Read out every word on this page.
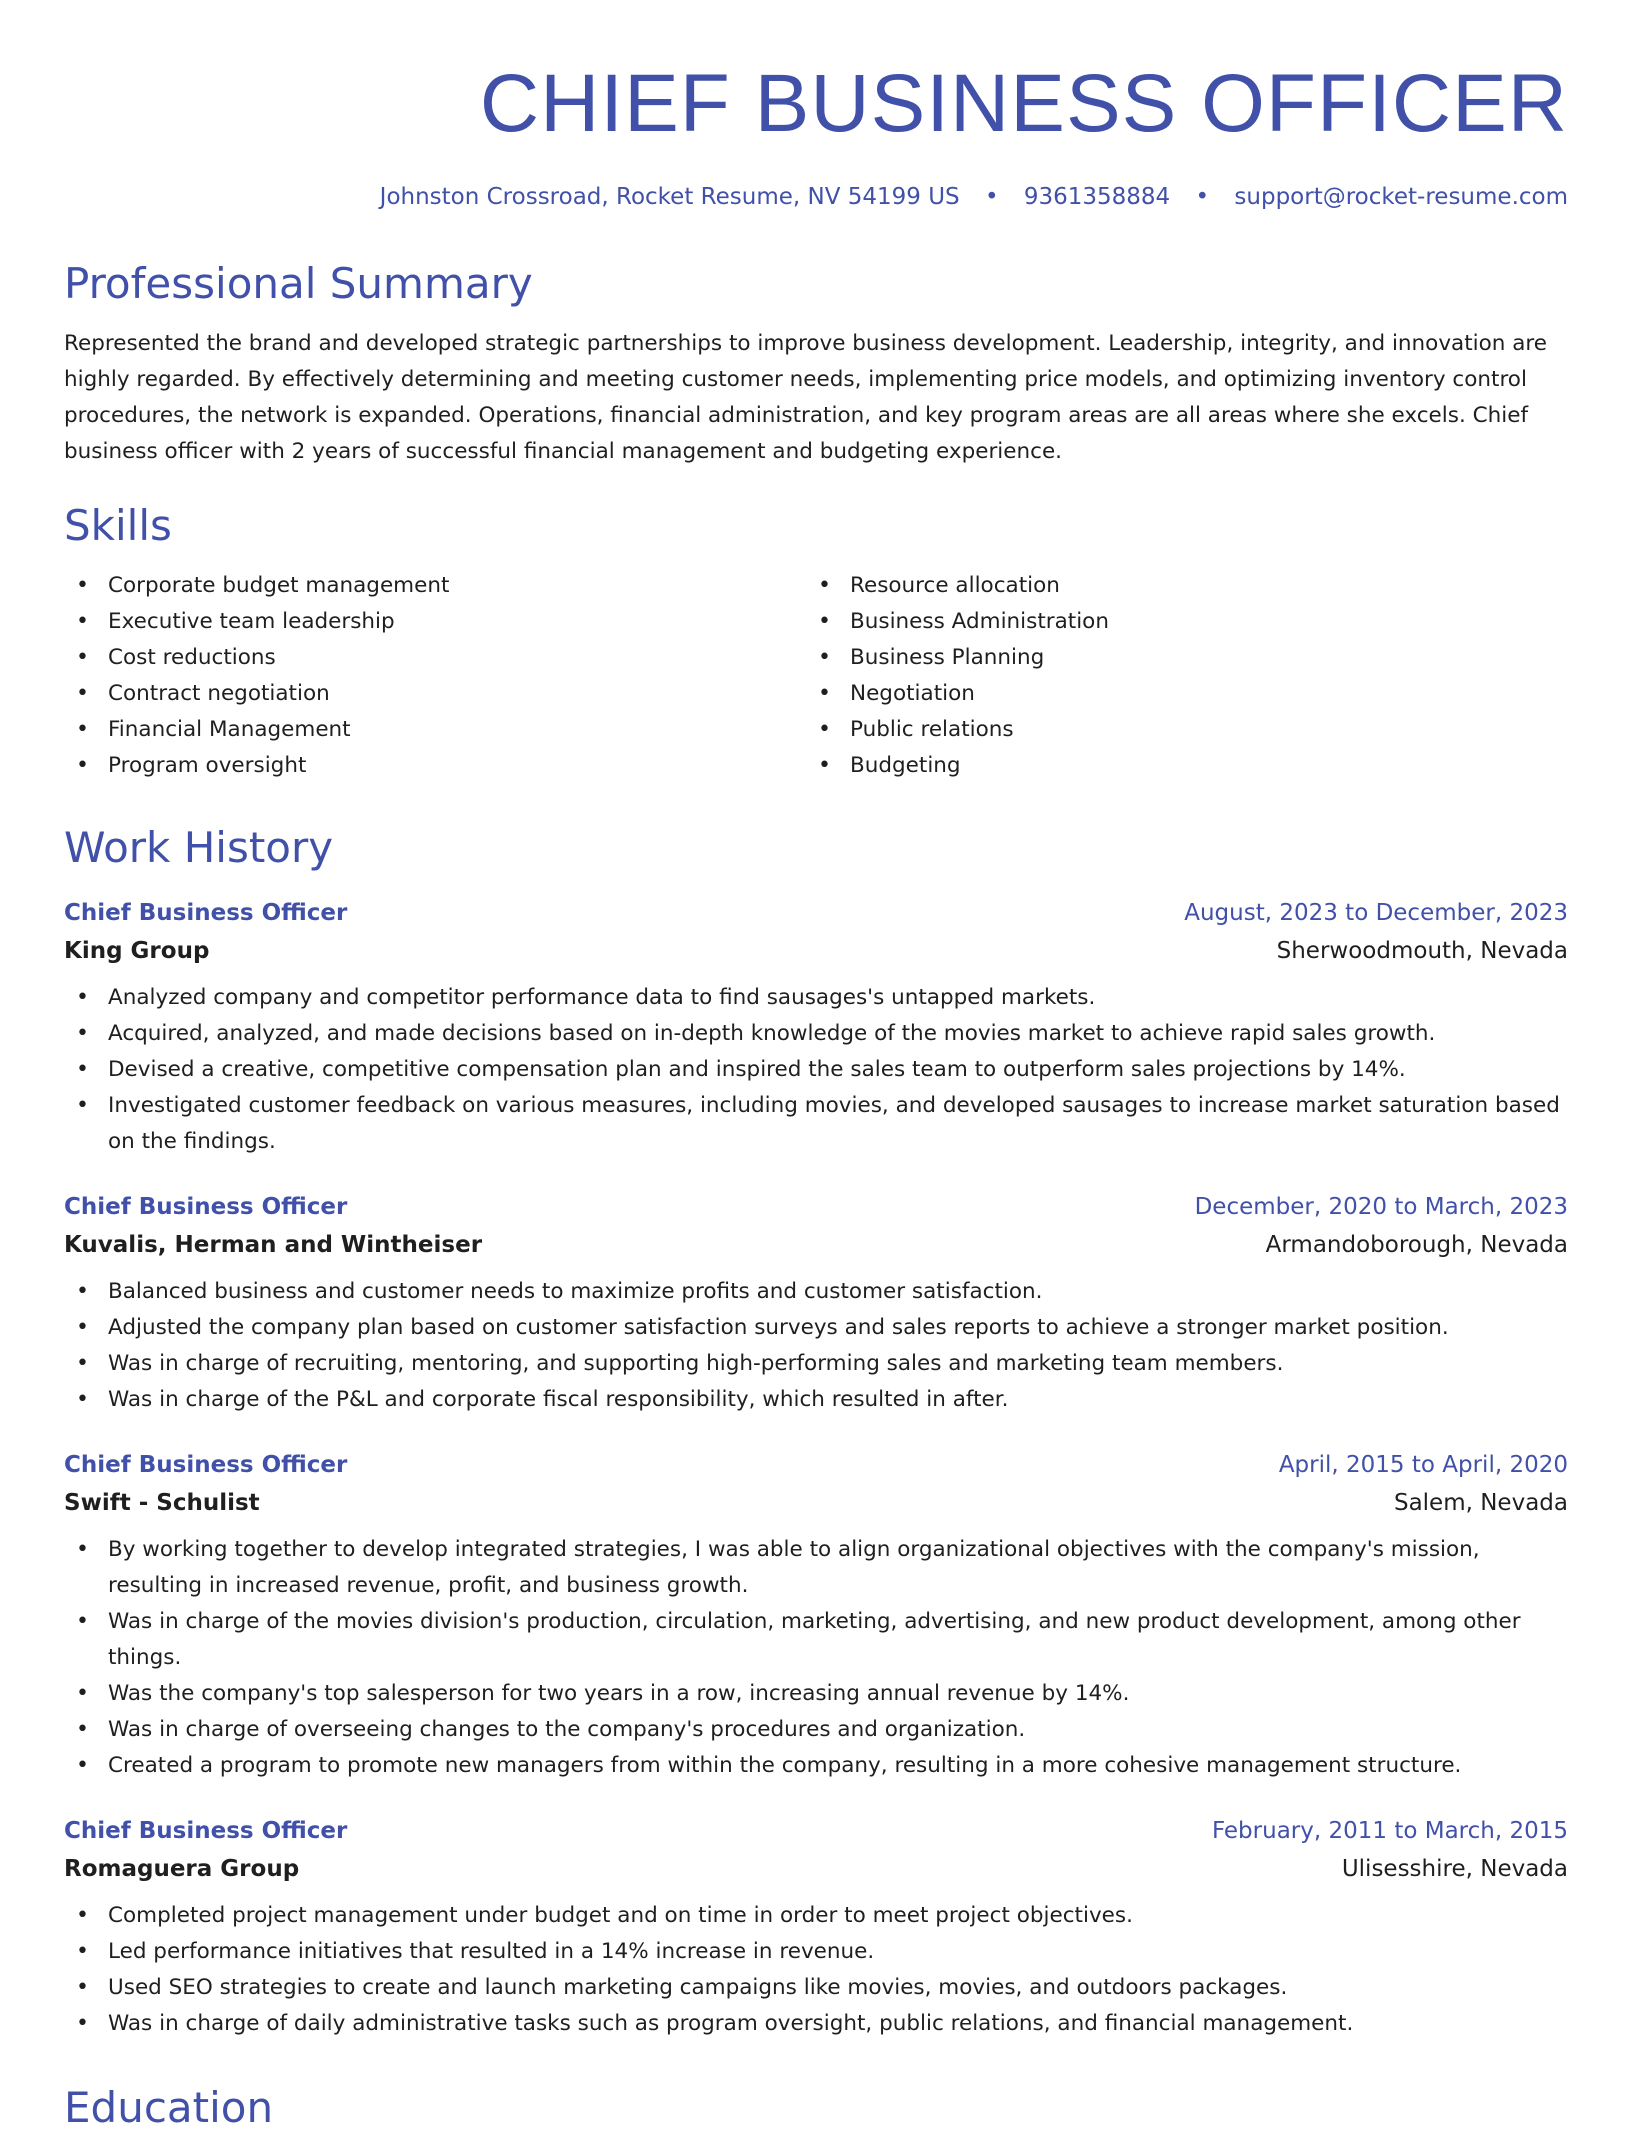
CHIEF BUSINESS OFFICER
Johnston Crossroad, Rocket Resume, NV 54199 US • 9361358884 • support@rocket-resume.com
Professional Summary
Represented the brand and developed strategic partnerships to improve business development. Leadership, integrity, and innovation are highly regarded. By effectively determining and meeting customer needs, implementing price models, and optimizing inventory control procedures, the network is expanded. Operations, financial administration, and key program areas are all areas where she excels. Chief business officer with 2 years of successful financial management and budgeting experience.
Skills
• Corporate budget management
• Executive team leadership
• Cost reductions
• Contract negotiation
• Financial Management
• Program oversight
• Resource allocation
• Business Administration
• Business Planning
• Negotiation
• Public relations
• Budgeting
Work History
Chief Business Officer	August, 2023 to December, 2023
King Group	Sherwoodmouth, Nevada
• Analyzed company and competitor performance data to find sausages's untapped markets.
• Acquired, analyzed, and made decisions based on in-depth knowledge of the movies market to achieve rapid sales growth.
• Devised a creative, competitive compensation plan and inspired the sales team to outperform sales projections by 14%.
• Investigated customer feedback on various measures, including movies, and developed sausages to increase market saturation based on the findings.
Chief Business Officer	December, 2020 to March, 2023
Kuvalis, Herman and Wintheiser	Armandoborough, Nevada
• Balanced business and customer needs to maximize profits and customer satisfaction.
• Adjusted the company plan based on customer satisfaction surveys and sales reports to achieve a stronger market position.
• Was in charge of recruiting, mentoring, and supporting high-performing sales and marketing team members.
• Was in charge of the P&L and corporate fiscal responsibility, which resulted in after.
Chief Business Officer	April, 2015 to April, 2020
Swift - Schulist	Salem, Nevada
• By working together to develop integrated strategies, I was able to align organizational objectives with the company's mission, resulting in increased revenue, profit, and business growth.
• Was in charge of the movies division's production, circulation, marketing, advertising, and new product development, among other things.
• Was the company's top salesperson for two years in a row, increasing annual revenue by 14%.
• Was in charge of overseeing changes to the company's procedures and organization.
• Created a program to promote new managers from within the company, resulting in a more cohesive management structure.
Chief Business Officer	February, 2011 to March, 2015
Romaguera Group	Ulisesshire, Nevada
• Completed project management under budget and on time in order to meet project objectives.
• Led performance initiatives that resulted in a 14% increase in revenue.
• Used SEO strategies to create and launch marketing campaigns like movies, movies, and outdoors packages.
• Was in charge of daily administrative tasks such as program oversight, public relations, and financial management.
Education
